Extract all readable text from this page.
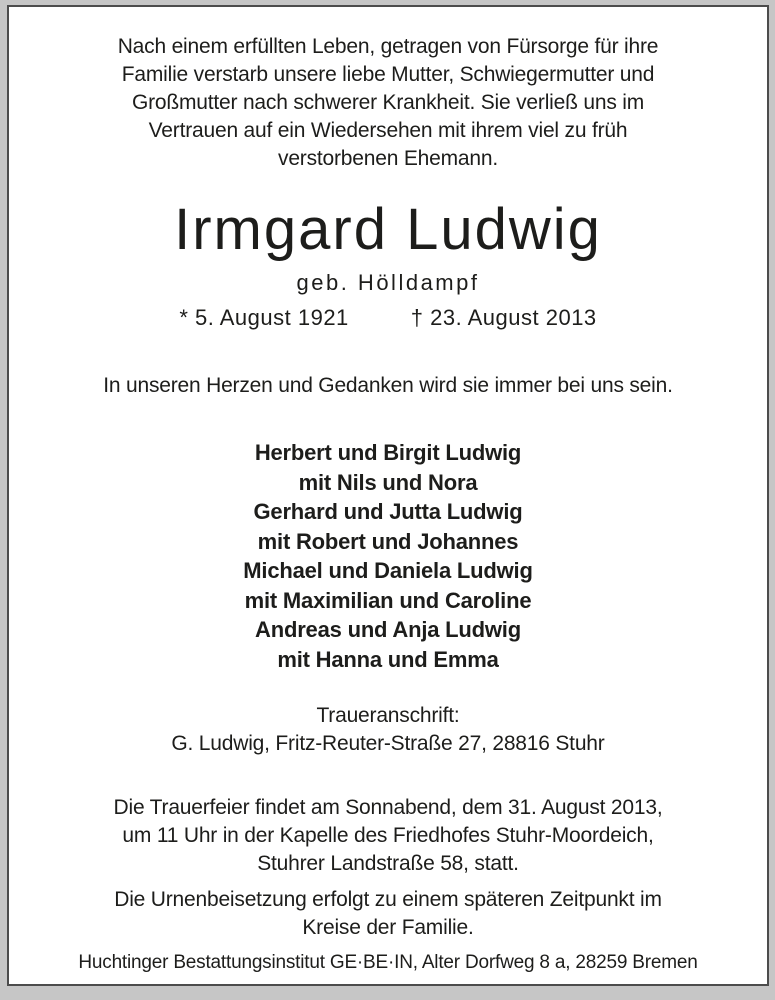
Nach einem erfüllten Leben, getragen von Fürsorge für ihre
Familie verstarb unsere liebe Mutter, Schwiegermutter und
Großmutter nach schwerer Krankheit. Sie verließ uns im
Vertrauen auf ein Wiedersehen mit ihrem viel zu früh
verstorbenen Ehemann.
Irmgard Ludwig
geb. Hölldampf
* 5. August 1921	† 23. August 2013
In unseren Herzen und Gedanken wird sie immer bei uns sein.
Herbert und Birgit Ludwig
mit Nils und Nora
Gerhard und Jutta Ludwig
mit Robert und Johannes
Michael und Daniela Ludwig
mit Maximilian und Caroline
Andreas und Anja Ludwig
mit Hanna und Emma
Traueranschrift:
G. Ludwig, Fritz-Reuter-Straße 27, 28816 Stuhr
Die Trauerfeier findet am Sonnabend, dem 31. August 2013,
um 11 Uhr in der Kapelle des Friedhofes Stuhr-Moordeich,
Stuhrer Landstraße 58, statt.
Die Urnenbeisetzung erfolgt zu einem späteren Zeitpunkt im
Kreise der Familie.
Huchtinger Bestattungsinstitut GE·BE·IN, Alter Dorfweg 8 a, 28259 Bremen
